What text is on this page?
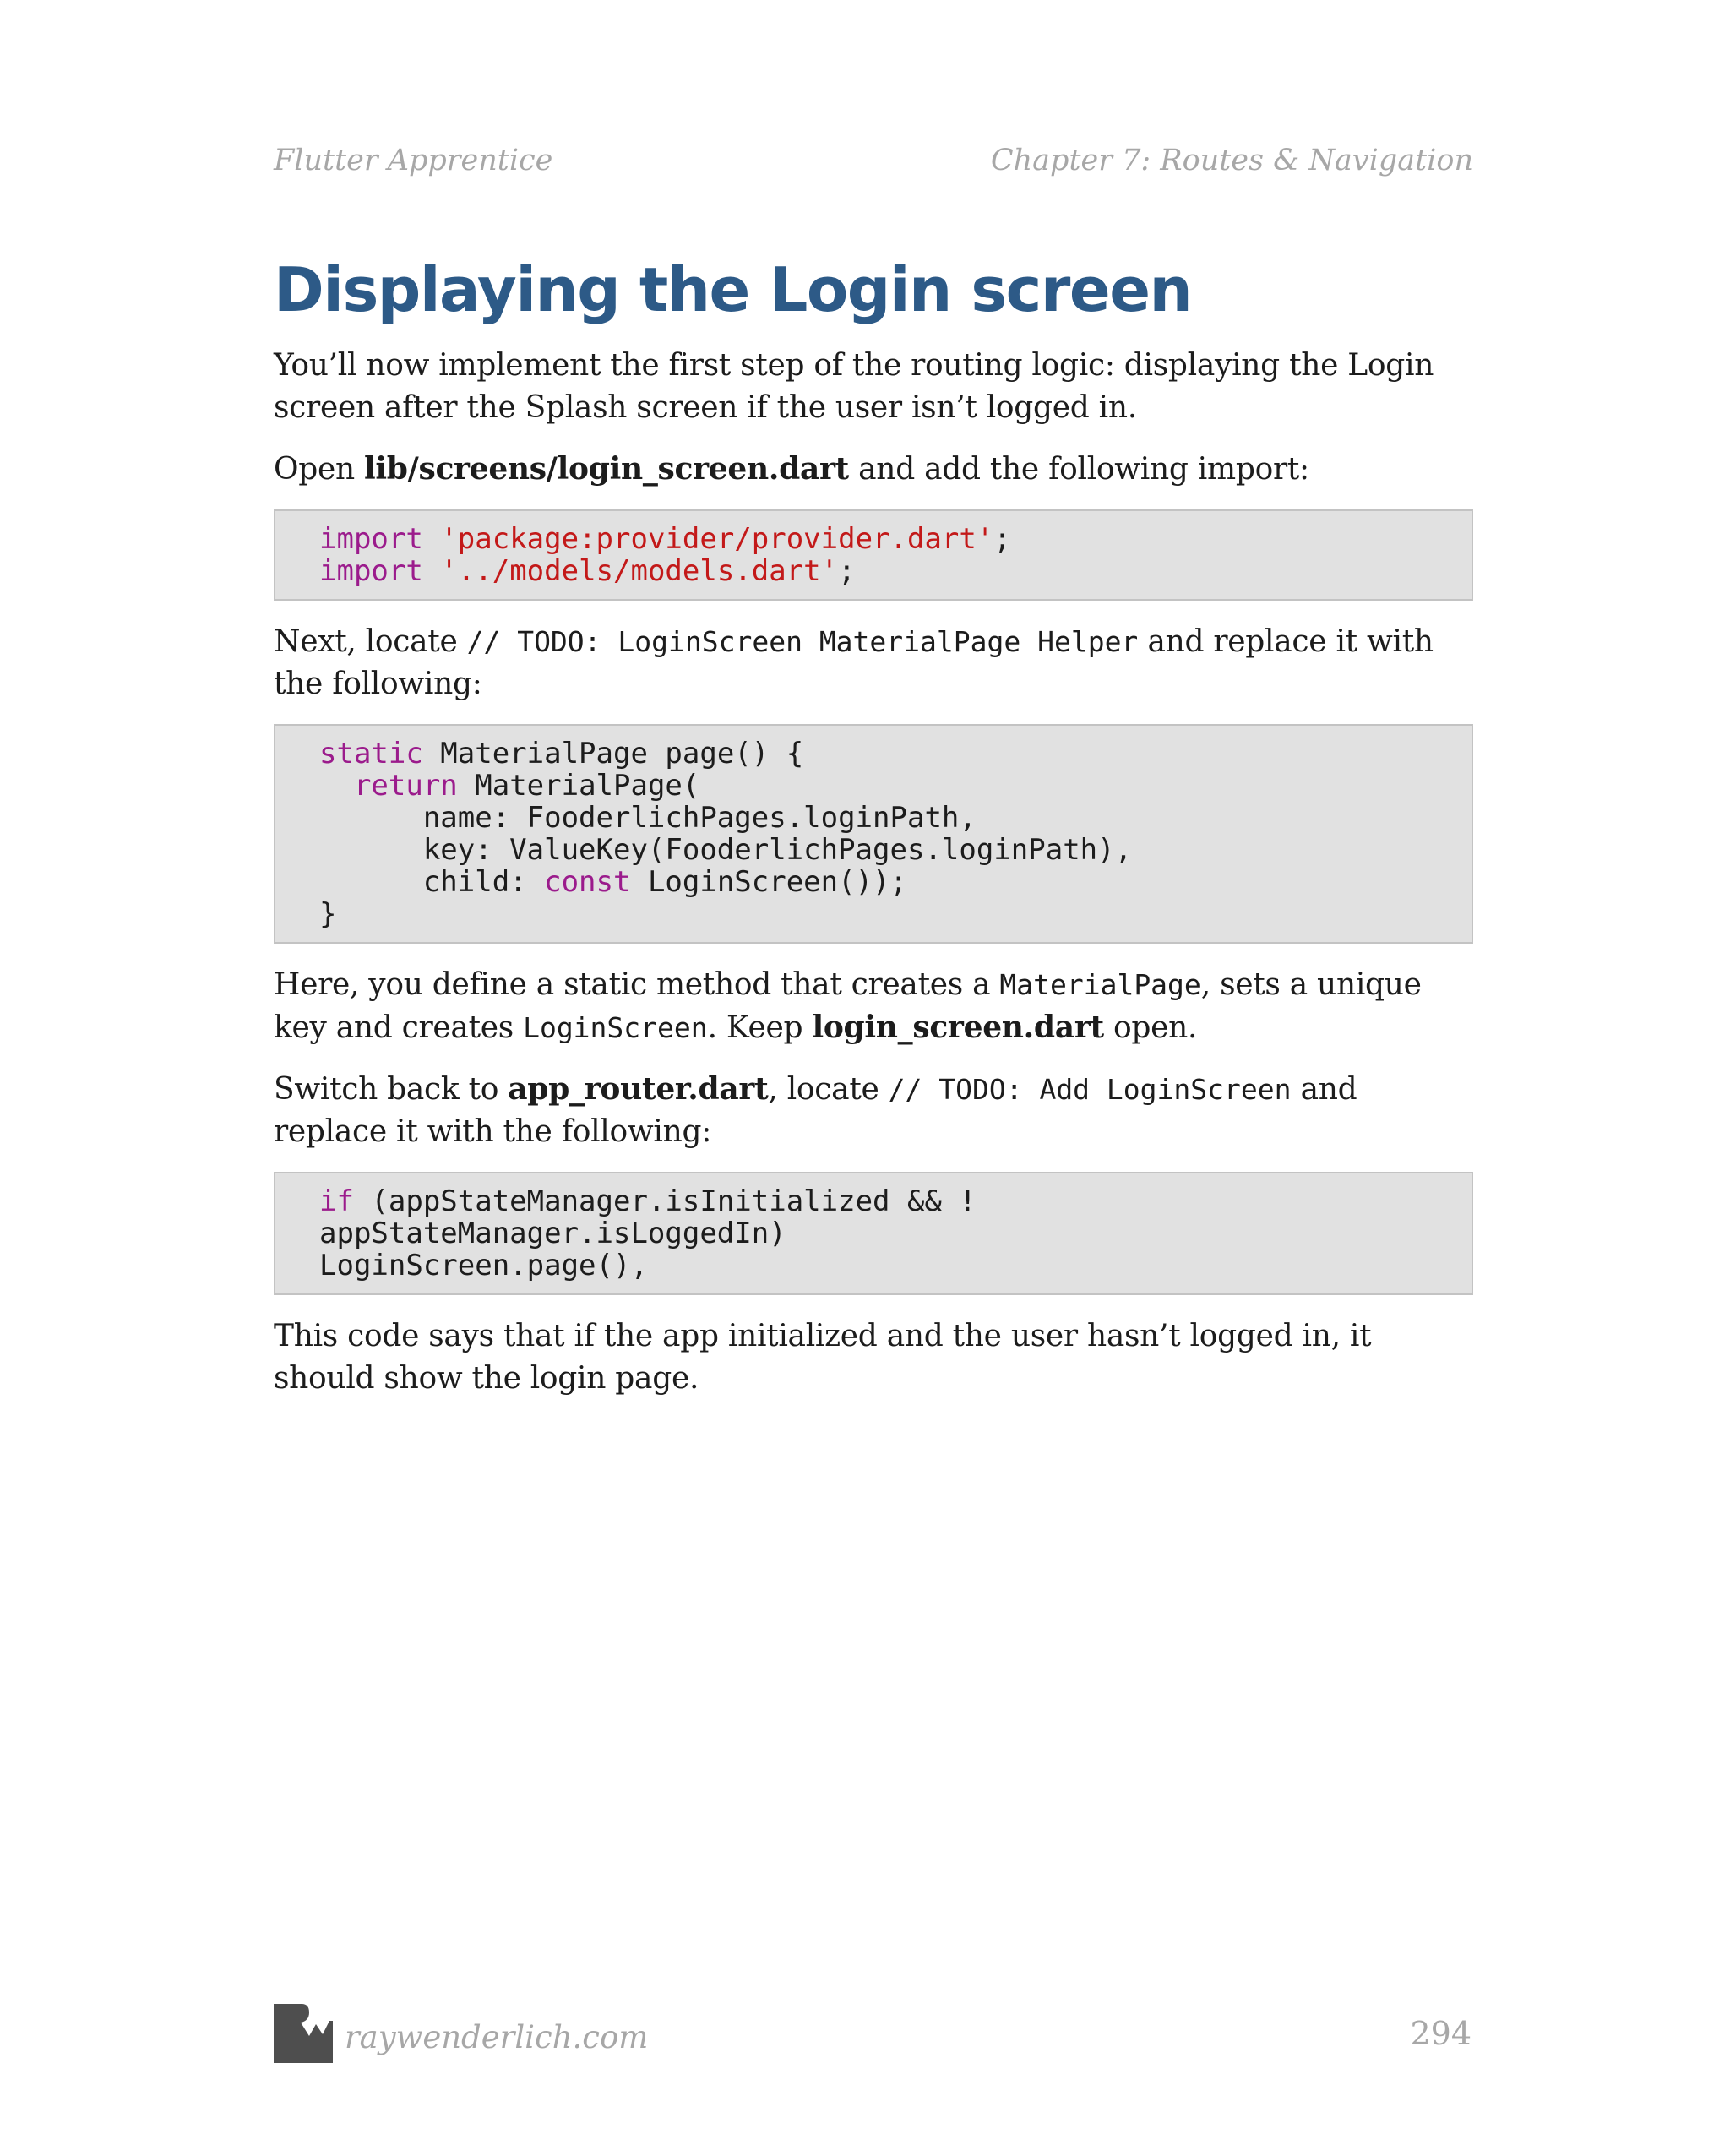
Flutter Apprentice	Chapter 7: Routes & Navigation
Displaying the Login screen

You’ll now implement the first step of the routing logic: displaying the Login screen after the Splash screen if the user isn’t logged in.

Open lib/screens/login_screen.dart and add the following import:

import 'package:provider/provider.dart';
import '../models/models.dart';

Next, locate // TODO: LoginScreen MaterialPage Helper and replace it with the following:

static MaterialPage page() {
return MaterialPage(
name: FooderlichPages.loginPath,
key: ValueKey(FooderlichPages.loginPath),
child: const LoginScreen());
}

Here, you define a static method that creates a MaterialPage, sets a unique key and creates LoginScreen. Keep login_screen.dart open.

Switch back to app_router.dart, locate // TODO: Add LoginScreen and replace it with the following:

if (appStateManager.isInitialized && !
appStateManager.isLoggedIn)
LoginScreen.page(),

This code says that if the app initialized and the user hasn’t logged in, it should show the login page.

raywenderlich.com	294
